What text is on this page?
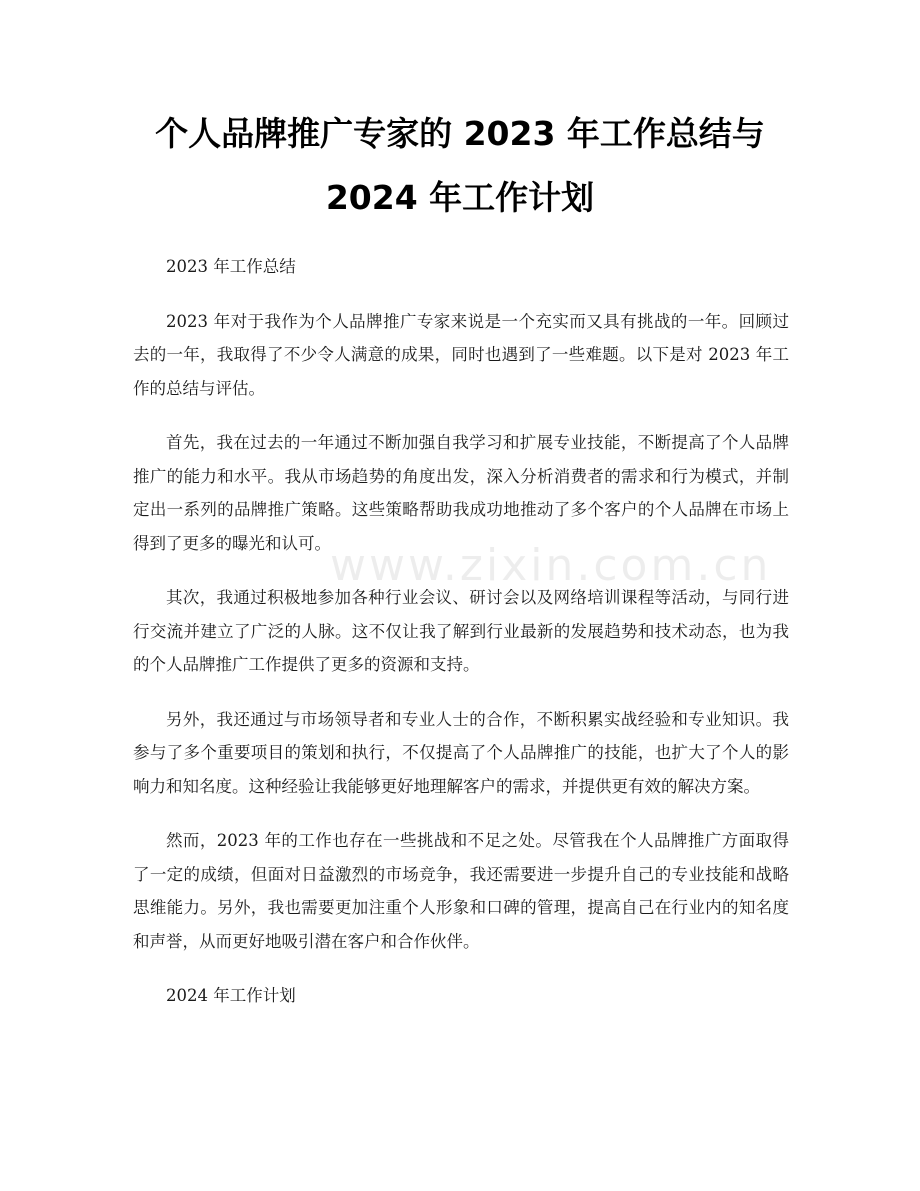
个人品牌推广专家的 2023 年工作总结与
2024 年工作计划
www.zixin.com.cn

2023 年工作总结

2023 年对于我作为个人品牌推广专家来说是一个充实而又具有挑战的一年。回顾过去的一年，我取得了不少令人满意的成果，同时也遇到了一些难题。以下是对 2023 年工作的总结与评估。

首先，我在过去的一年通过不断加强自我学习和扩展专业技能，不断提高了个人品牌推广的能力和水平。我从市场趋势的角度出发，深入分析消费者的需求和行为模式，并制定出一系列的品牌推广策略。这些策略帮助我成功地推动了多个客户的个人品牌在市场上得到了更多的曝光和认可。

其次，我通过积极地参加各种行业会议、研讨会以及网络培训课程等活动，与同行进行交流并建立了广泛的人脉。这不仅让我了解到行业最新的发展趋势和技术动态，也为我的个人品牌推广工作提供了更多的资源和支持。

另外，我还通过与市场领导者和专业人士的合作，不断积累实战经验和专业知识。我参与了多个重要项目的策划和执行，不仅提高了个人品牌推广的技能，也扩大了个人的影响力和知名度。这种经验让我能够更好地理解客户的需求，并提供更有效的解决方案。

然而，2023 年的工作也存在一些挑战和不足之处。尽管我在个人品牌推广方面取得了一定的成绩，但面对日益激烈的市场竞争，我还需要进一步提升自己的专业技能和战略思维能力。另外，我也需要更加注重个人形象和口碑的管理，提高自己在行业内的知名度和声誉，从而更好地吸引潜在客户和合作伙伴。

2024 年工作计划
